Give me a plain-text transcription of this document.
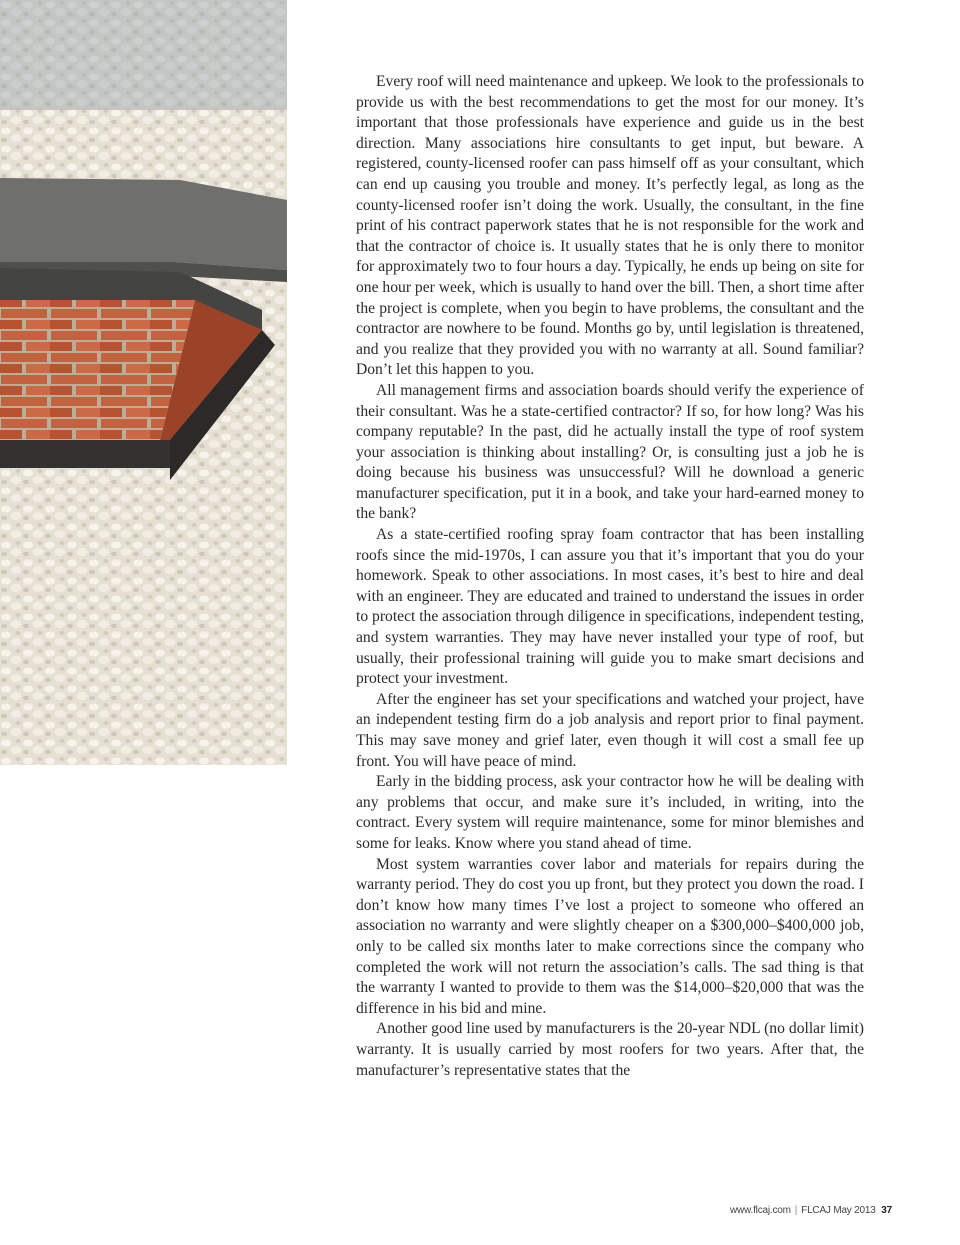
Every roof will need maintenance and upkeep. We look to the professionals to provide us with the best recommendations to get the most for our money. It’s important that those professionals have experience and guide us in the best direction. Many associations hire consultants to get input, but beware. A registered, county-licensed roofer can pass himself off as your consultant, which can end up causing you trouble and money. It’s perfectly legal, as long as the county-licensed roofer isn’t doing the work. Usually, the consultant, in the fine print of his contract paperwork states that he is not responsible for the work and that the contractor of choice is. It usually states that he is only there to monitor for approximately two to four hours a day. Typically, he ends up being on site for one hour per week, which is usually to hand over the bill. Then, a short time after the project is complete, when you begin to have problems, the consultant and the contractor are nowhere to be found. Months go by, until legislation is threatened, and you realize that they provided you with no warranty at all. Sound familiar? Don’t let this happen to you.

All management firms and association boards should verify the experience of their consultant. Was he a state-certified contractor? If so, for how long? Was his company reputable? In the past, did he actually install the type of roof system your association is thinking about installing? Or, is consulting just a job he is doing because his business was unsuccessful? Will he download a generic manufacturer specification, put it in a book, and take your hard-earned money to the bank?

As a state-certified roofing spray foam contractor that has been installing roofs since the mid-1970s, I can assure you that it’s important that you do your homework. Speak to other associations. In most cases, it’s best to hire and deal with an engineer. They are educated and trained to understand the issues in order to protect the association through diligence in specifications, independent testing, and system warranties. They may have never installed your type of roof, but usually, their professional training will guide you to make smart decisions and protect your investment.

After the engineer has set your specifications and watched your project, have an independent testing firm do a job analysis and report prior to final payment. This may save money and grief later, even though it will cost a small fee up front. You will have peace of mind.

Early in the bidding process, ask your contractor how he will be dealing with any problems that occur, and make sure it’s included, in writing, into the contract. Every system will require maintenance, some for minor blemishes and some for leaks. Know where you stand ahead of time.

Most system warranties cover labor and materials for repairs during the warranty period. They do cost you up front, but they protect you down the road. I don’t know how many times I’ve lost a project to someone who offered an association no warranty and were slightly cheaper on a $300,000–$400,000 job, only to be called six months later to make corrections since the company who completed the work will not return the association’s calls. The sad thing is that the warranty I wanted to provide to them was the $14,000–$20,000 that was the difference in his bid and mine.

Another good line used by manufacturers is the 20-year NDL (no dollar limit) warranty. It is usually carried by most roofers for two years. After that, the manufacturer’s representative states that the

www.flcaj.com | FLCAJ May 2013 37
